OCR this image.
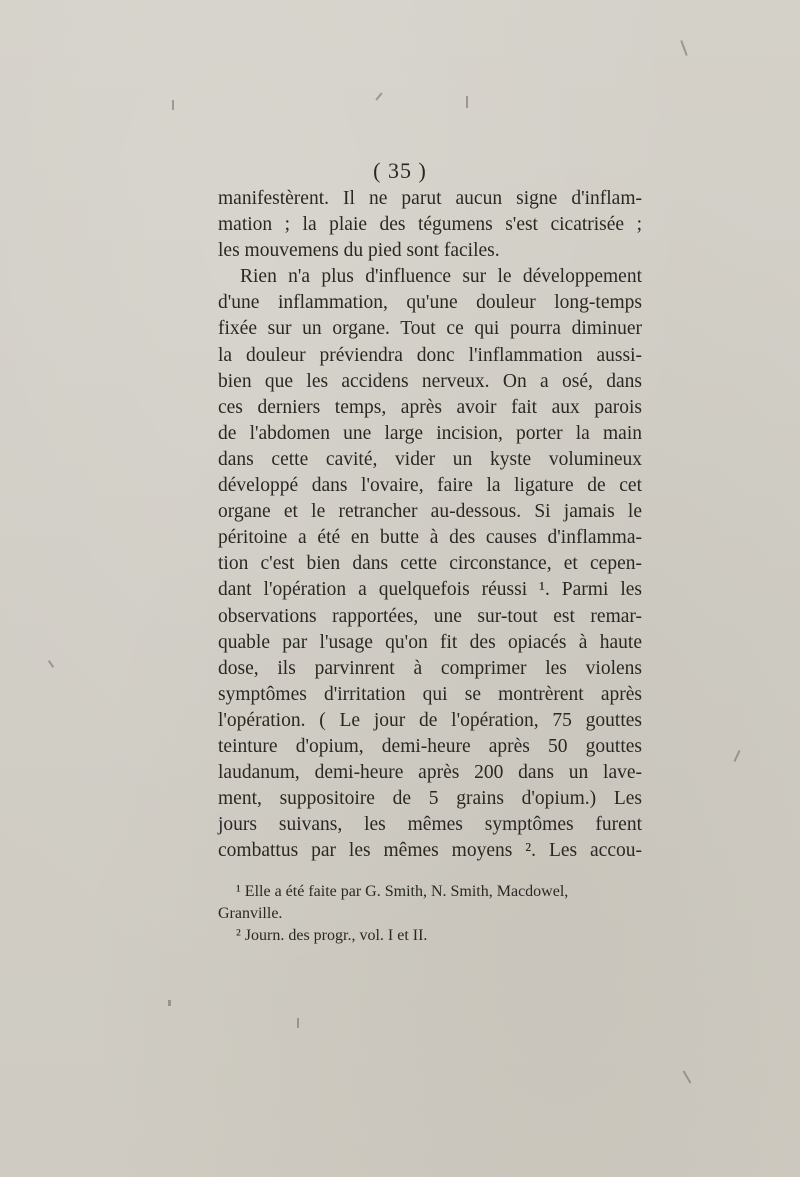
( 35 )
manifestèrent. Il ne parut aucun signe d'inflam-
mation ; la plaie des tégumens s'est cicatrisée ;
les mouvemens du pied sont faciles.
Rien n'a plus d'influence sur le développement
d'une inflammation, qu'une douleur long-temps
fixée sur un organe. Tout ce qui pourra diminuer
la douleur préviendra donc l'inflammation aussi-
bien que les accidens nerveux. On a osé, dans
ces derniers temps, après avoir fait aux parois
de l'abdomen une large incision, porter la main
dans cette cavité, vider un kyste volumineux
développé dans l'ovaire, faire la ligature de cet
organe et le retrancher au-dessous. Si jamais le
péritoine a été en butte à des causes d'inflamma-
tion c'est bien dans cette circonstance, et cepen-
dant l'opération a quelquefois réussi ¹. Parmi les
observations rapportées, une sur-tout est remar-
quable par l'usage qu'on fit des opiacés à haute
dose, ils parvinrent à comprimer les violens
symptômes d'irritation qui se montrèrent après
l'opération. ( Le jour de l'opération, 75 gouttes
teinture d'opium, demi-heure après 50 gouttes
laudanum, demi-heure après 200 dans un lave-
ment, suppositoire de 5 grains d'opium.) Les
jours suivans, les mêmes symptômes furent
combattus par les mêmes moyens ². Les accou-
¹ Elle a été faite par G. Smith, N. Smith, Macdowel,
Granville.
² Journ. des progr., vol. I et II.
